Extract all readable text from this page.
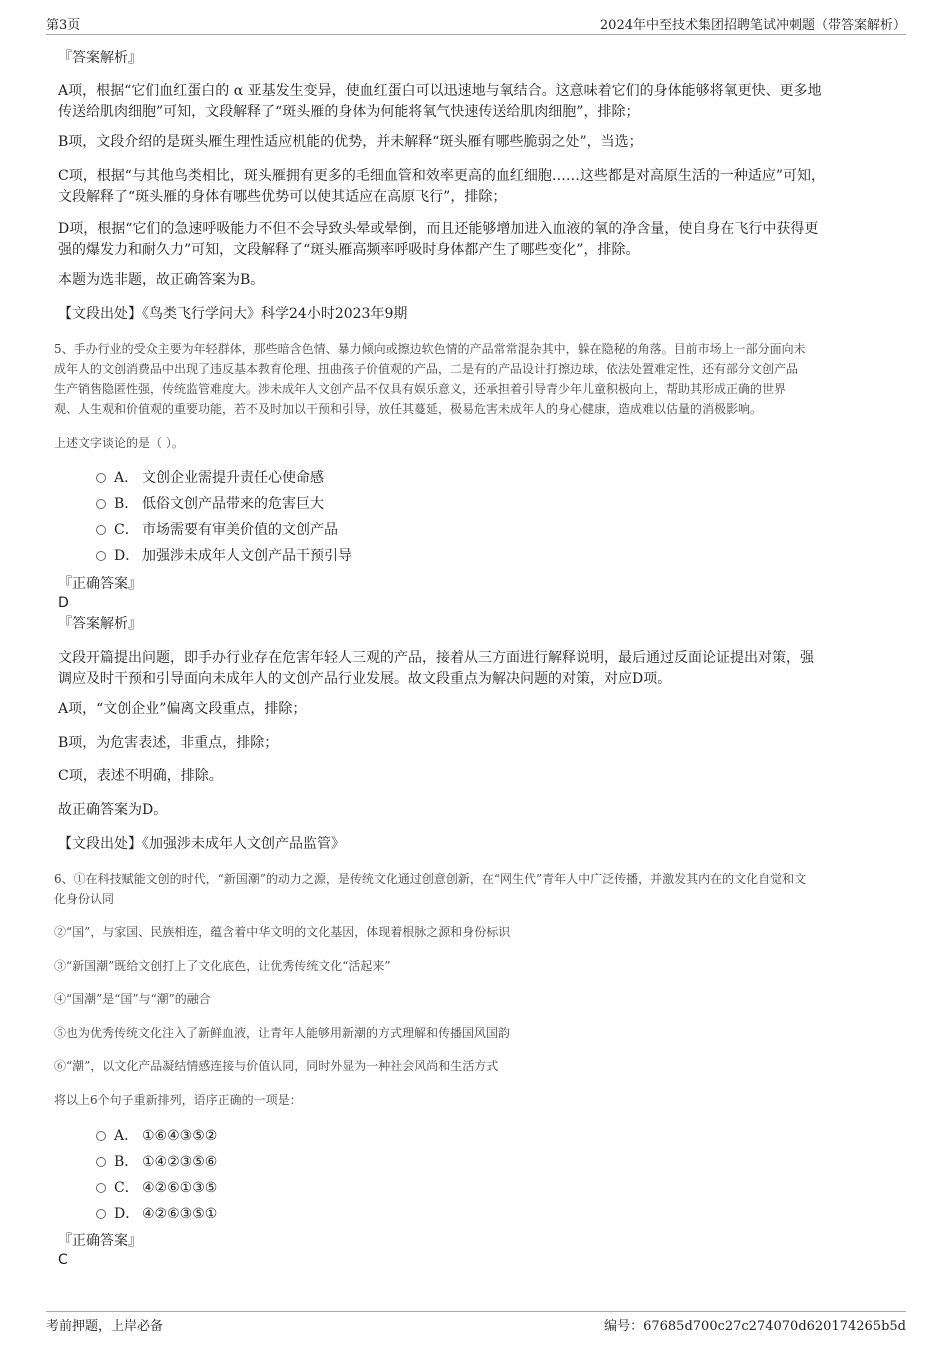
第3页	2024年中至技术集团招聘笔试冲刺题（带答案解析）
『答案解析』
A项，根据“它们血红蛋白的 α 亚基发生变异，使血红蛋白可以迅速地与氧结合。这意味着它们的身体能够将氧更快、更多地
传送给肌肉细胞”可知，文段解释了“斑头雁的身体为何能将氧气快速传送给肌肉细胞”，排除；
B项，文段介绍的是斑头雁生理性适应机能的优势，并未解释“斑头雁有哪些脆弱之处”，当选；
C项，根据“与其他鸟类相比，斑头雁拥有更多的毛细血管和效率更高的血红细胞……这些都是对高原生活的一种适应”可知，
文段解释了“斑头雁的身体有哪些优势可以使其适应在高原飞行”，排除；
D项，根据“它们的急速呼吸能力不但不会导致头晕或晕倒，而且还能够增加进入血液的氧的净含量，使自身在飞行中获得更
强的爆发力和耐久力”可知，文段解释了“斑头雁高频率呼吸时身体都产生了哪些变化”，排除。
本题为选非题，故正确答案为B。
【文段出处】《鸟类飞行学问大》科学24小时2023年9期
5、手办行业的受众主要为年轻群体，那些暗含色情、暴力倾向或擦边软色情的产品常常混杂其中，躲在隐秘的角落。目前市场上一部分面向未
成年人的文创消费品中出现了违反基本教育伦理、扭曲孩子价值观的产品，二是有的产品设计打擦边球，依法处置难定性，还有部分文创产品
生产销售隐匿性强，传统监管难度大。涉未成年人文创产品不仅具有娱乐意义，还承担着引导青少年儿童积极向上，帮助其形成正确的世界
观、人生观和价值观的重要功能，若不及时加以干预和引导，放任其蔓延，极易危害未成年人的身心健康，造成难以估量的消极影响。
上述文字谈论的是（ ）。
A． 文创企业需提升责任心使命感
B． 低俗文创产品带来的危害巨大
C． 市场需要有审美价值的文创产品
D． 加强涉未成年人文创产品干预引导
『正确答案』
D
『答案解析』
文段开篇提出问题，即手办行业存在危害年轻人三观的产品，接着从三方面进行解释说明，最后通过反面论证提出对策，强
调应及时干预和引导面向未成年人的文创产品行业发展。故文段重点为解决问题的对策，对应D项。
A项，“文创企业”偏离文段重点，排除；
B项，为危害表述，非重点，排除；
C项，表述不明确，排除。
故正确答案为D。
【文段出处】《加强涉未成年人文创产品监管》
6、①在科技赋能文创的时代，“新国潮”的动力之源，是传统文化通过创意创新，在“网生代”青年人中广泛传播，并激发其内在的文化自觉和文
化身份认同
②“国”，与家国、民族相连，蕴含着中华文明的文化基因，体现着根脉之源和身份标识
③“新国潮”既给文创打上了文化底色，让优秀传统文化“活起来”
④“国潮”是“国”与“潮”的融合
⑤也为优秀传统文化注入了新鲜血液，让青年人能够用新潮的方式理解和传播国风国韵
⑥“潮”，以文化产品凝结情感连接与价值认同，同时外显为一种社会风尚和生活方式
将以上6个句子重新排列，语序正确的一项是：
A． ①⑥④③⑤②
B． ①④②③⑤⑥
C． ④②⑥①③⑤
D． ④②⑥③⑤①
『正确答案』
C
考前押题，上岸必备	编号：67685d700c27c274070d620174265b5d
